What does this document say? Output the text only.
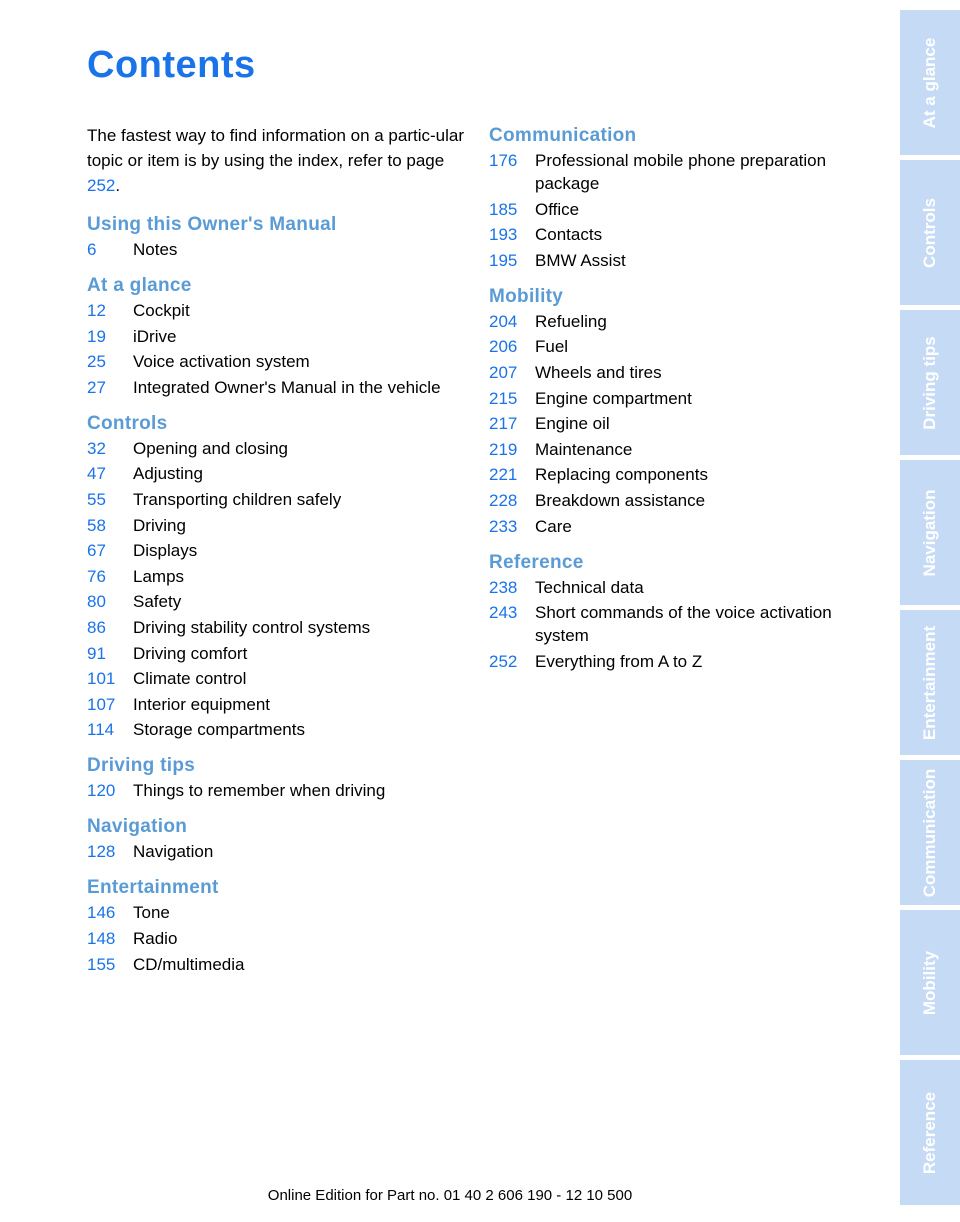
Contents
The fastest way to find information on a partic-ular topic or item is by using the index, refer to page 252.
Using this Owner's Manual
6	Notes
At a glance
12	Cockpit
19	iDrive
25	Voice activation system
27	Integrated Owner's Manual in the vehicle
Controls
32	Opening and closing
47	Adjusting
55	Transporting children safely
58	Driving
67	Displays
76	Lamps
80	Safety
86	Driving stability control systems
91	Driving comfort
101	Climate control
107	Interior equipment
114	Storage compartments
Driving tips
120	Things to remember when driving
Navigation
128	Navigation
Entertainment
146	Tone
148	Radio
155	CD/multimedia
Communication
176	Professional mobile phone preparation package
185	Office
193	Contacts
195	BMW Assist
Mobility
204	Refueling
206	Fuel
207	Wheels and tires
215	Engine compartment
217	Engine oil
219	Maintenance
221	Replacing components
228	Breakdown assistance
233	Care
Reference
238	Technical data
243	Short commands of the voice activation system
252	Everything from A to Z
At a glance
Controls
Driving tips
Navigation
Entertainment
Communication
Mobility
Reference
Online Edition for Part no. 01 40 2 606 190 - 12 10 500
